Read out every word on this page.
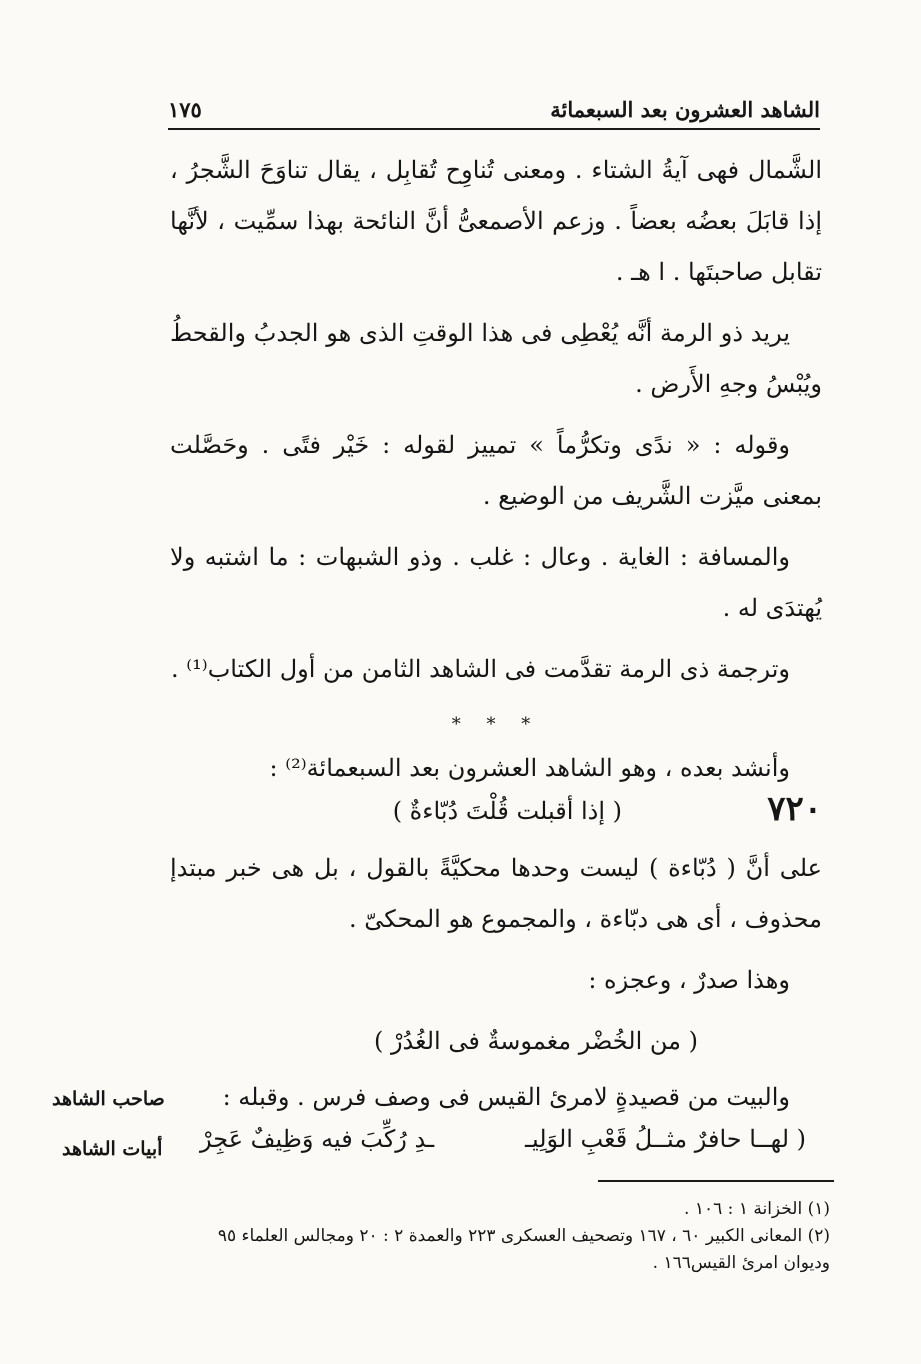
الشاهد العشرون بعد السبعمائة
١٧٥

الشَّمال فهى آيةُ الشتاء . ومعنى تُناوِح تُقابِل ، يقال تناوَحَ الشَّجرُ ، إذا قابَلَ بعضُه بعضاً . وزعم الأصمعىُّ أنَّ النائحة بهذا سمِّيت ، لأنَّها تقابل صاحبتَها . ا هـ .

يريد ذو الرمة أنَّه يُعْطِى فى هذا الوقتِ الذى هو الجدبُ والقحطُ ويُبْسُ وجهِ الأَرض .

وقوله : « ندًى وتكرُّماً » تمييز لقوله : خَيْر فتًى . وحَصَّلت بمعنى ميَّزت الشَّريف من الوضيع .

والمسافة : الغاية . وعال : غلب . وذو الشبهات : ما اشتبه ولا يُهتدَى له .

وترجمة ذى الرمة تقدَّمت فى الشاهد الثامن من أول الكتاب⁽¹⁾ .

* * *

وأنشد بعده ، وهو الشاهد العشرون بعد السبعمائة⁽²⁾ :

٧٢٠
( إذا أقبلت قُلْتَ دُبّاءةٌ )

على أنَّ ( دُبّاءة ) ليست وحدها محكيَّةً بالقول ، بل هى خبر مبتدإ محذوف ، أى هى دبّاءة ، والمجموع هو المحكىّ .

وهذا صدرٌ ، وعجزه :

( من الخُضْر مغموسةٌ فى الغُدُرْ )

والبيت من قصيدةٍ لامرئ القيس فى وصف فرس . وقبله :

صاحب الشاهد
أبيات الشاهد	( لهــا حافرٌ مثــلُ قَعْبِ الوَلِيـ
ـدِ رُكِّبَ فيه وَظِيفٌ عَجِرْ

(١) الخزانة ١ : ١٠٦ .

(٢) المعانى الكبير ٦٠ ، ١٦٧ وتصحيف العسكرى ٢٢٣ والعمدة ٢ : ٢٠ ومجالس العلماء ٩٥ وديوان امرئ القيس١٦٦ .
